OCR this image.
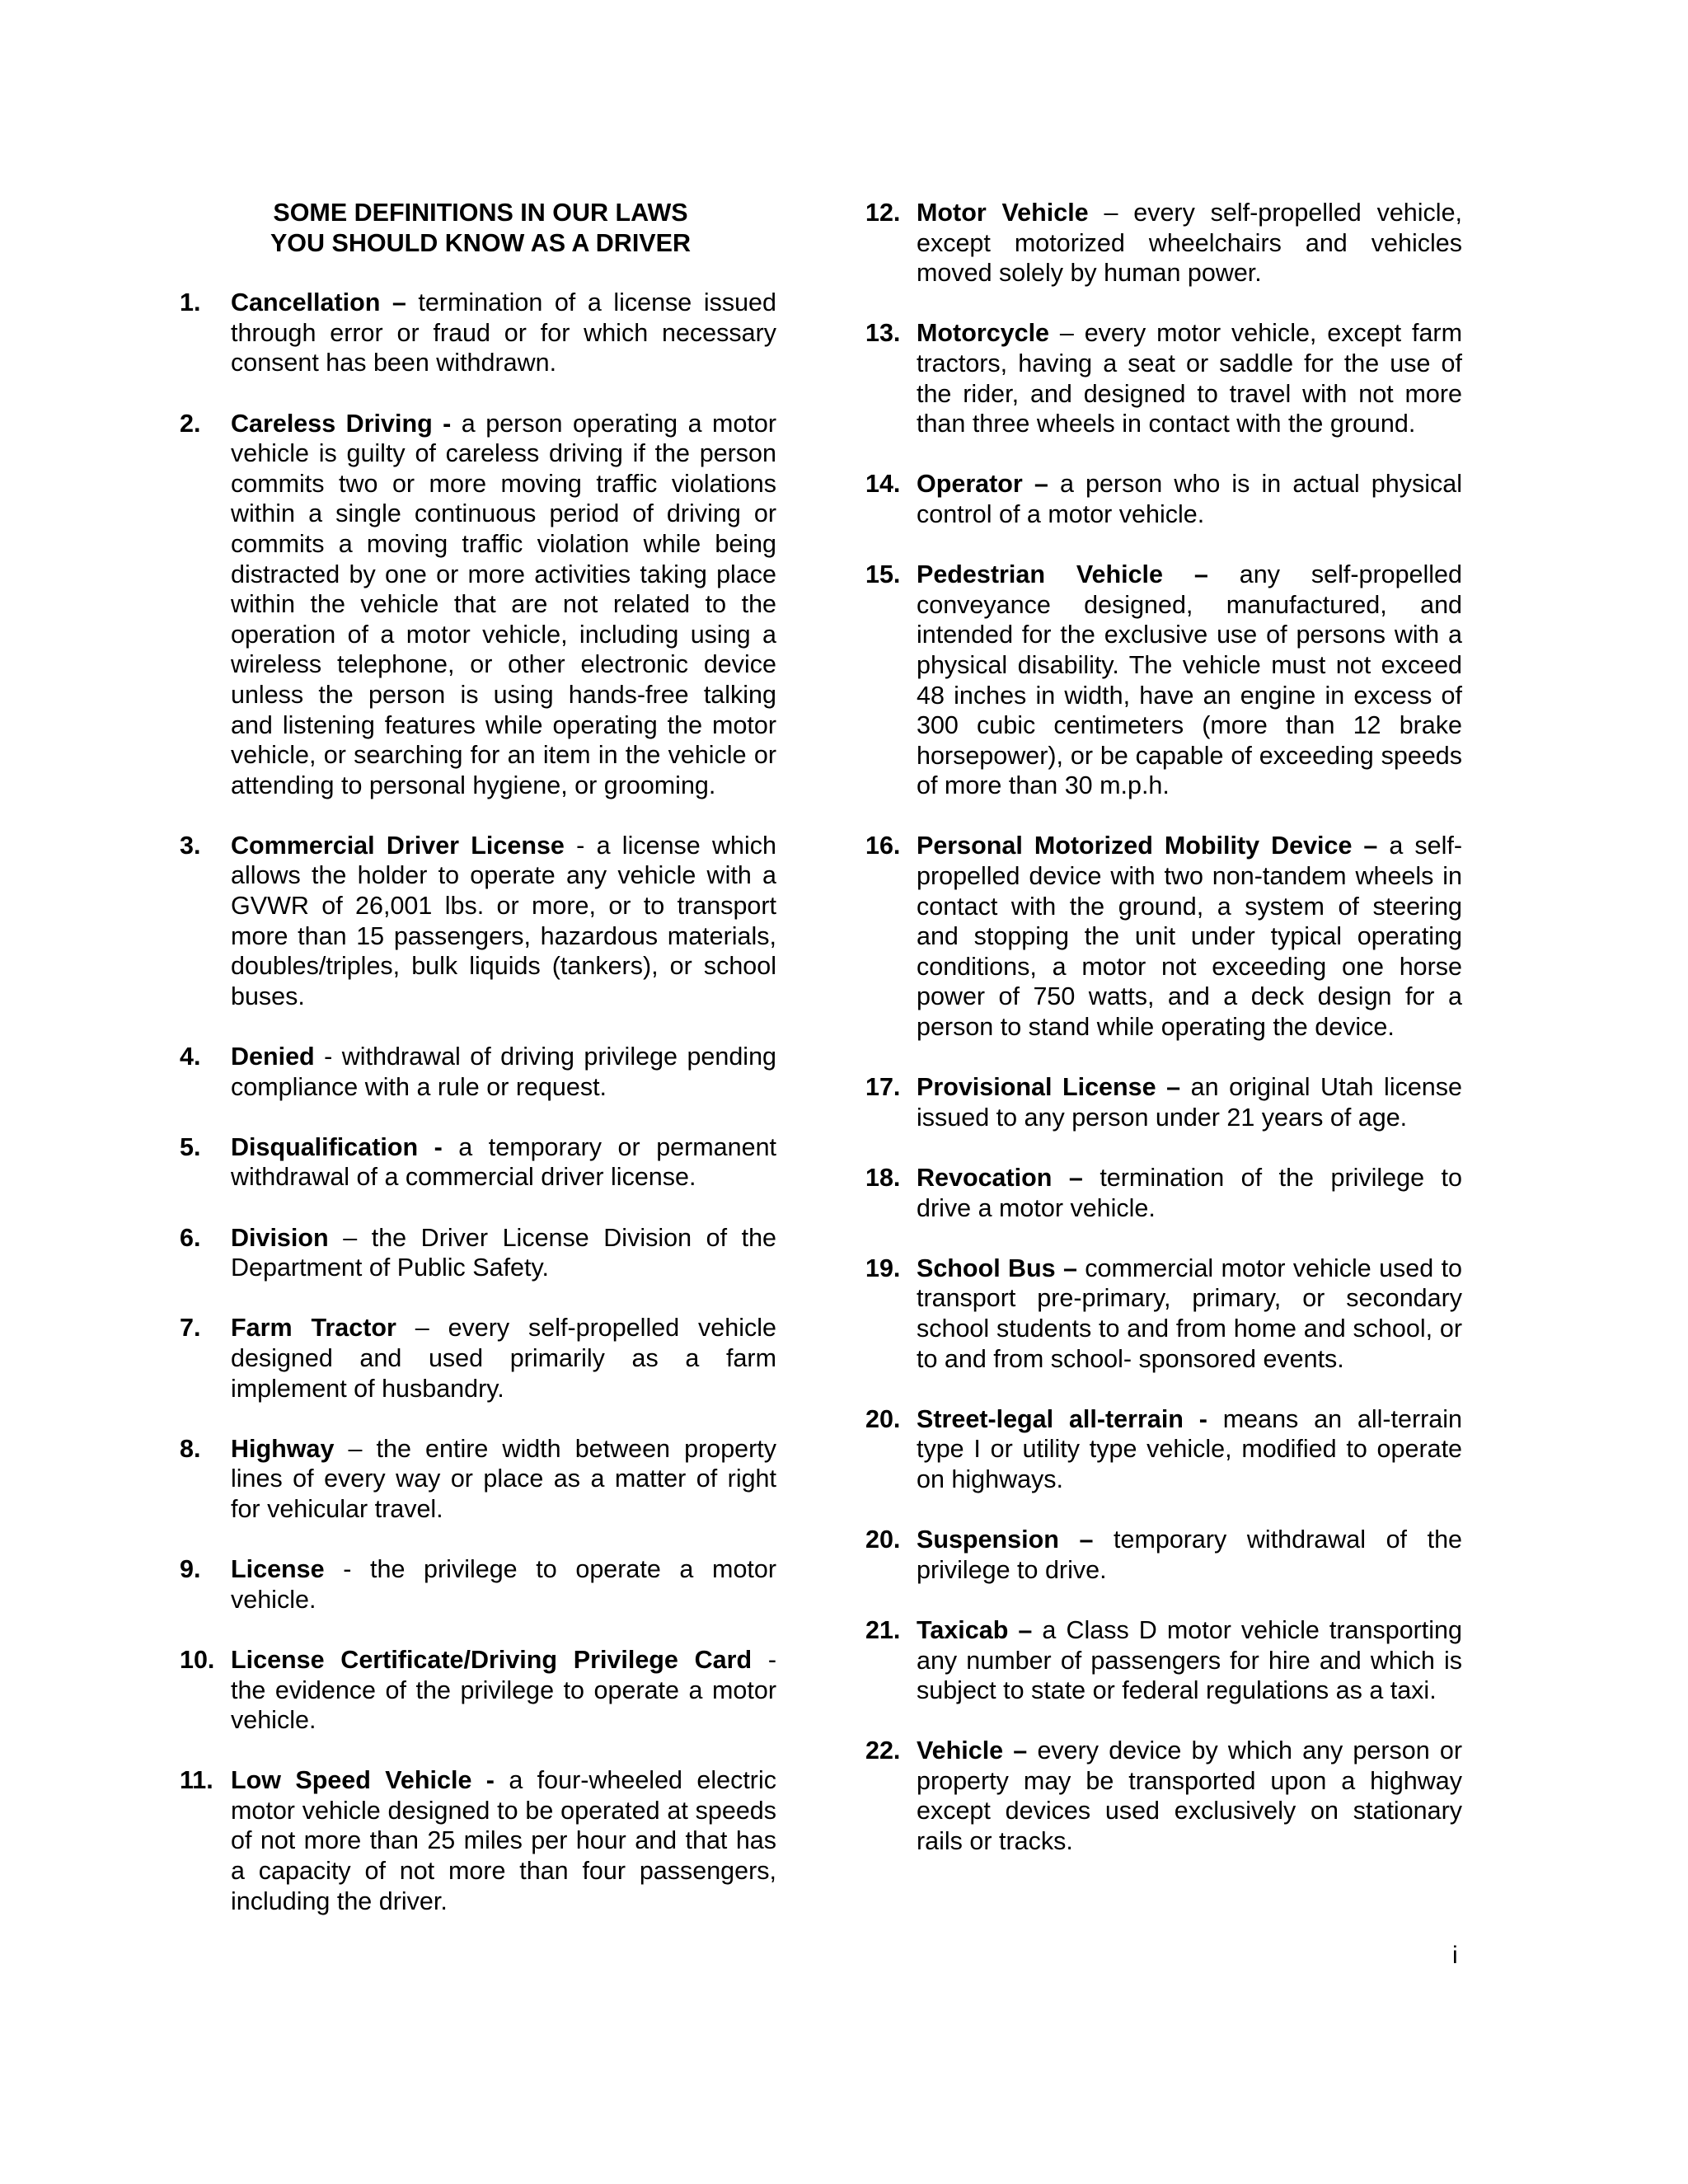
SOME DEFINITIONS IN OUR LAWS
YOU SHOULD KNOW AS A DRIVER
1.	Cancellation – termination of a license issued through error or fraud or for which necessary consent has been withdrawn.
2.	Careless Driving - a person operating a motor vehicle is guilty of careless driving if the person commits two or more moving traffic violations within a single continuous period of driving or commits a moving traffic violation while being distracted by one or more activities taking place within the vehicle that are not related to the operation of a motor vehicle, including using a wireless telephone, or other electronic device unless the person is using hands-free talking and listening features while operating the motor vehicle, or searching for an item in the vehicle or attending to personal hygiene, or grooming.
3.	Commercial Driver License - a license which allows the holder to operate any vehicle with a GVWR of 26,001 lbs. or more, or to transport more than 15 passengers, hazardous materials, doubles/triples, bulk liquids (tankers), or school buses.
4.	Denied - withdrawal of driving privilege pending compliance with a rule or request.
5.	Disqualification - a temporary or permanent withdrawal of a commercial driver license.
6.	Division – the Driver License Division of the Department of Public Safety.
7.	Farm Tractor – every self-propelled vehicle designed and used primarily as a farm implement of husbandry.
8.	Highway – the entire width between property lines of every way or place as a matter of right for vehicular travel.
9.	License - the privilege to operate a motor vehicle.
10. License Certificate/Driving Privilege Card - the evidence of the privilege to operate a motor vehicle.
11. Low Speed Vehicle - a four-wheeled electric motor vehicle designed to be operated at speeds of not more than 25 miles per hour and that has a capacity of not more than four passengers, including the driver.
12. Motor Vehicle – every self-propelled vehicle, except motorized wheelchairs and vehicles moved solely by human power.
13. Motorcycle – every motor vehicle, except farm tractors, having a seat or saddle for the use of the rider, and designed to travel with not more than three wheels in contact with the ground.
14. Operator – a person who is in actual physical control of a motor vehicle.
15. Pedestrian Vehicle – any self-propelled conveyance designed, manufactured, and intended for the exclusive use of persons with a physical disability. The vehicle must not exceed 48 inches in width, have an engine in excess of 300 cubic centimeters (more than 12 brake horsepower), or be capable of exceeding speeds of more than 30 m.p.h.
16. Personal Motorized Mobility Device – a self-propelled device with two non-tandem wheels in contact with the ground, a system of steering and stopping the unit under typical operating conditions, a motor not exceeding one horse power of 750 watts, and a deck design for a person to stand while operating the device.
17. Provisional License – an original Utah license issued to any person under 21 years of age.
18. Revocation – termination of the privilege to drive a motor vehicle.
19. School Bus – commercial motor vehicle used to transport pre-primary, primary, or secondary school students to and from home and school, or to and from school- sponsored events.
20. Street-legal all-terrain - means an all-terrain type I or utility type vehicle, modified to operate on highways.
20. Suspension – temporary withdrawal of the privilege to drive.
21. Taxicab – a Class D motor vehicle transporting any number of passengers for hire and which is subject to state or federal regulations as a taxi.
22. Vehicle – every device by which any person or property may be transported upon a highway except devices used exclusively on stationary rails or tracks.
i
